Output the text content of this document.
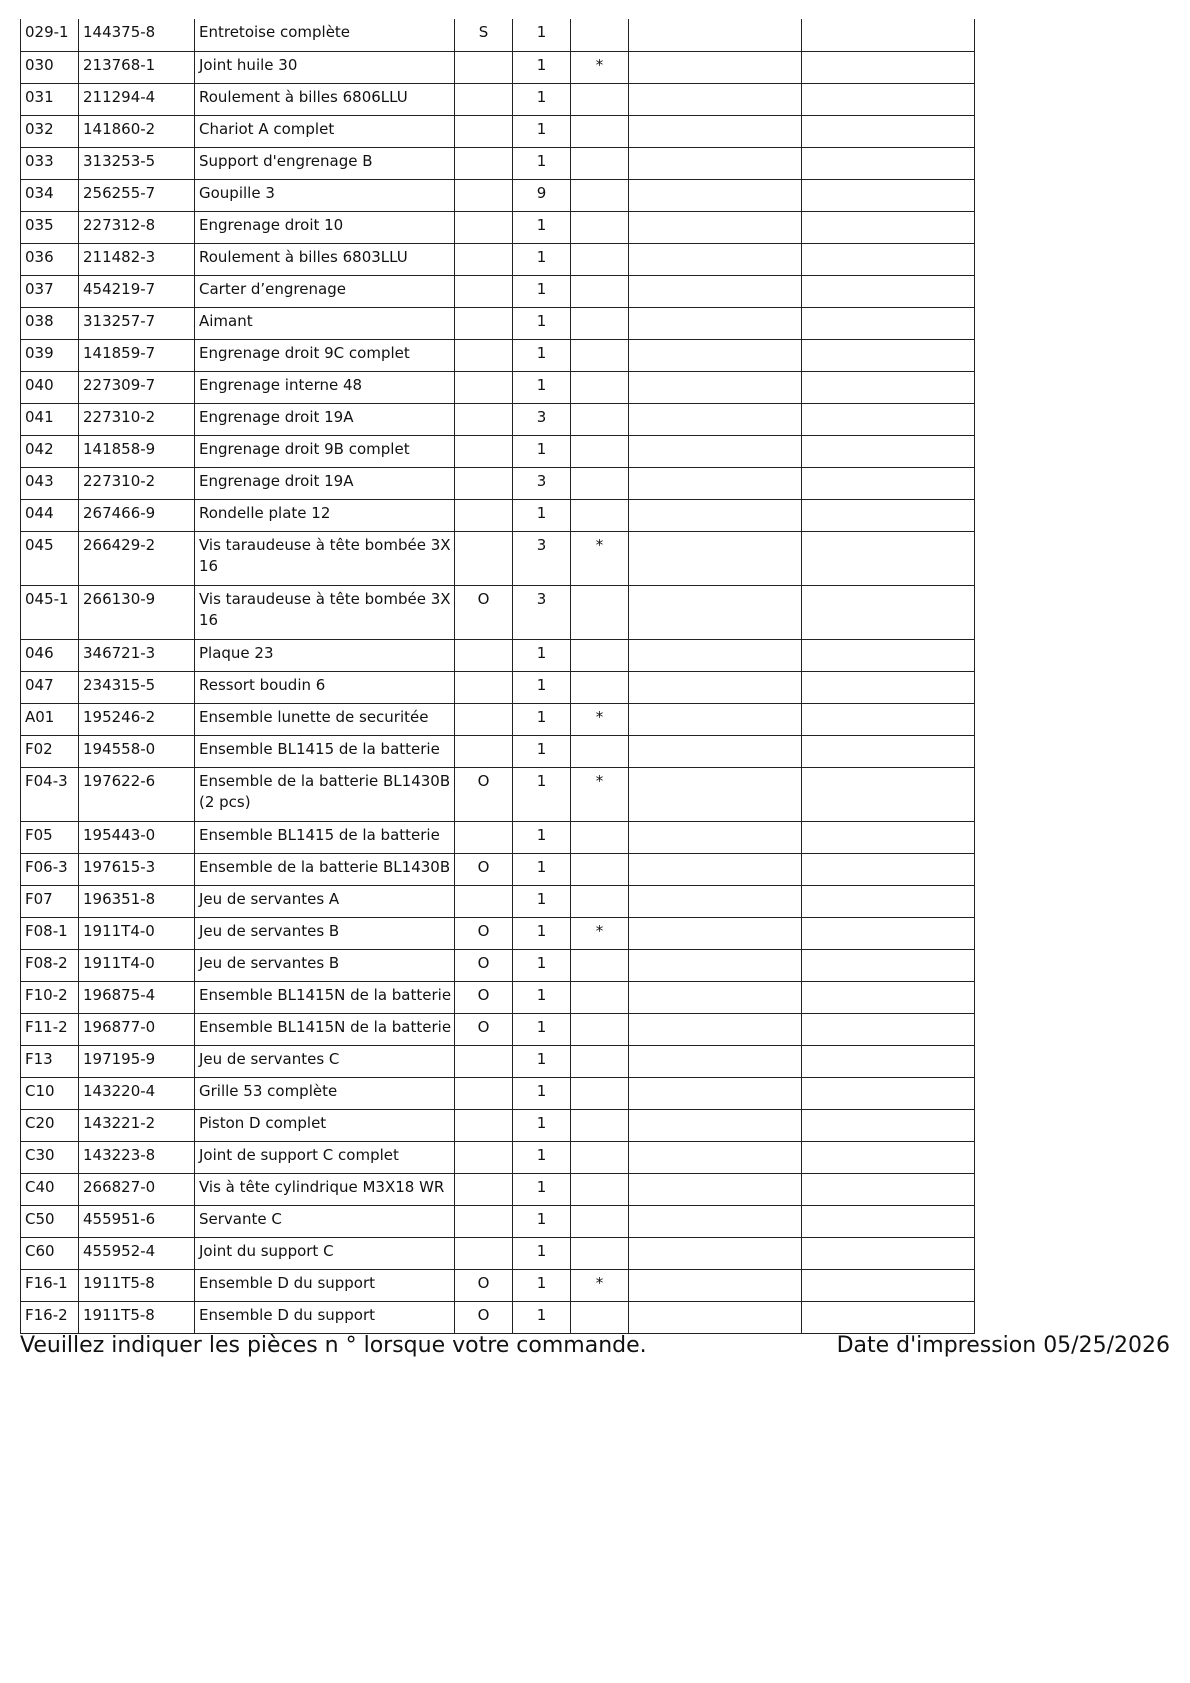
029-1	144375-8	Entretoise complète	S	1			
030	213768-1	Joint huile 30		1	*		
031	211294-4	Roulement à billes 6806LLU		1			
032	141860-2	Chariot A complet		1			
033	313253-5	Support d'engrenage B		1			
034	256255-7	Goupille 3		9			
035	227312-8	Engrenage droit 10		1			
036	211482-3	Roulement à billes 6803LLU		1			
037	454219-7	Carter d’engrenage		1			
038	313257-7	Aimant		1			
039	141859-7	Engrenage droit 9C complet		1			
040	227309-7	Engrenage interne 48		1			
041	227310-2	Engrenage droit 19A		3			
042	141858-9	Engrenage droit 9B complet		1			
043	227310-2	Engrenage droit 19A		3			
044	267466-9	Rondelle plate 12		1			
045	266429-2	Vis taraudeuse à tête bombée 3X 16		3	*		
045-1	266130-9	Vis taraudeuse à tête bombée 3X 16	O	3			
046	346721-3	Plaque 23		1			
047	234315-5	Ressort boudin 6		1			
A01	195246-2	Ensemble lunette de securitée		1	*		
F02	194558-0	Ensemble BL1415 de la batterie		1			
F04-3	197622-6	Ensemble de la batterie BL1430B (2 pcs)	O	1	*		
F05	195443-0	Ensemble BL1415 de la batterie		1			
F06-3	197615-3	Ensemble de la batterie BL1430B	O	1			
F07	196351-8	Jeu de servantes A		1			
F08-1	1911T4-0	Jeu de servantes B	O	1	*		
F08-2	1911T4-0	Jeu de servantes B	O	1			
F10-2	196875-4	Ensemble BL1415N de la batterie	O	1			
F11-2	196877-0	Ensemble BL1415N de la batterie	O	1			
F13	197195-9	Jeu de servantes C		1			
C10	143220-4	Grille 53 complète		1			
C20	143221-2	Piston D complet		1			
C30	143223-8	Joint de support C complet		1			
C40	266827-0	Vis à tête cylindrique M3X18 WR		1			
C50	455951-6	Servante C		1			
C60	455952-4	Joint du support C		1			
F16-1	1911T5-8	Ensemble D du support	O	1	*		
F16-2	1911T5-8	Ensemble D du support	O	1			
Veuillez indiquer les pièces n ° lorsque votre commande.	Date d'impression 05/25/2026
